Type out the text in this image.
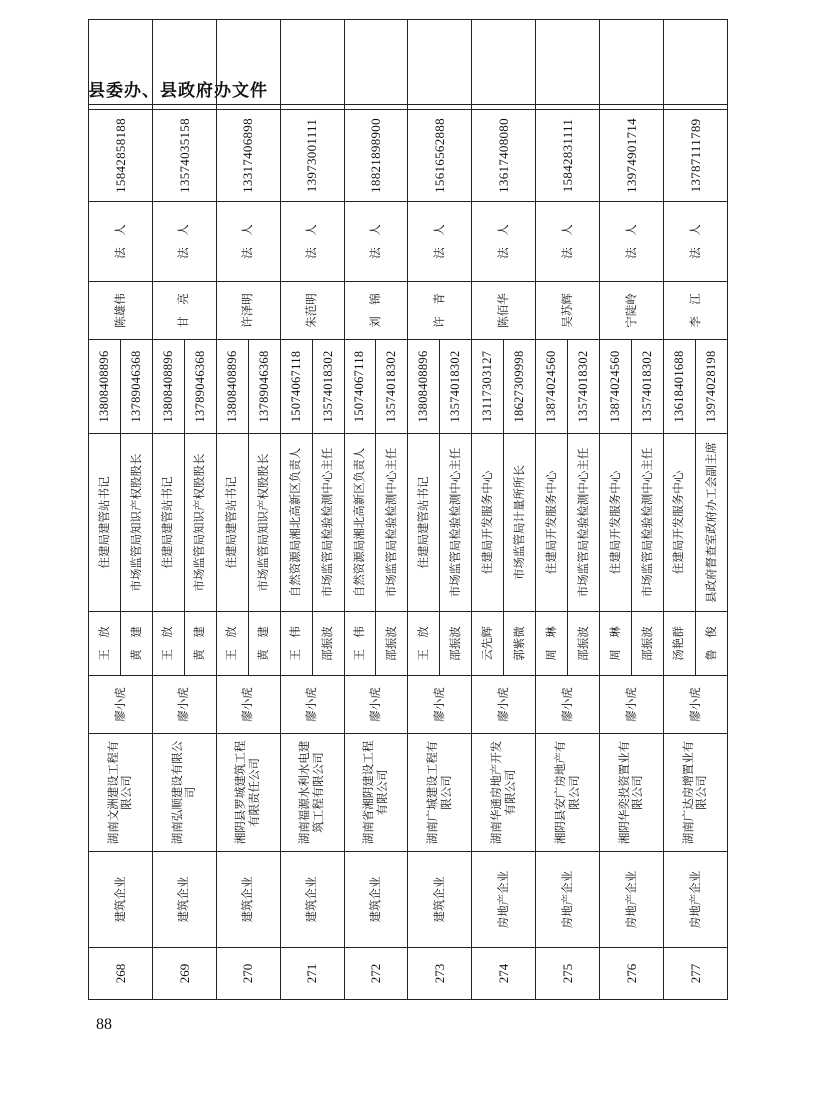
县委办、县政府办文件
268	建筑企业	湖南文洲建设工程有限公司	廖小虎	王　放	住建局建管站书记	13808408896	陈雄伟	法　人	15842858188	
				黄　建	市场监管局知识产权股股长	13789046368				
269	建筑企业	湖南弘顺建设有限公司	廖小虎	王　放	住建局建管站书记	13808408896	甘　亮	法　人	13574035158	
				黄　建	市场监管局知识产权股股长	13789046368				
270	建筑企业	湘阴县罗城建筑工程有限责任公司	廖小虎	王　放	住建局建管站书记	13808408896	许泽明	法　人	13317406898	
				黄　建	市场监管局知识产权股股长	13789046368				
271	建筑企业	湖南福源水利水电建筑工程有限公司	廖小虎	王　伟	自然资源局湘北高新区负责人	15074067118	朱范明	法　人	13973001111	
				邵振波	市场监管局检验检测中心主任	13574018302				
272	建筑企业	湖南省湘阴建设工程有限公司	廖小虎	王　伟	自然资源局湘北高新区负责人	15074067118	刘　锦	法　人	18821898900	
				邵振波	市场监管局检验检测中心主任	13574018302				
273	建筑企业	湖南广城建设工程有限公司	廖小虎	王　放	住建局建管站书记	13808408896	许　青	法　人	15616562888	
				邵振波	市场监管局检验检测中心主任	13574018302				
274	房地产企业	湖南华通房地产开发有限公司	廖小虎	云先辉	住建局开发服务中心	13117303127	陈佰华	法　人	13617408080	
				郭紫微	市场监管局计量所所长	18627309998				
275	房地产企业	湘阴县安广房地产有限公司	廖小虎	周　琳	住建局开发服务中心	13874024560	吴苏辉	法　人	15842831111	
				邵振波	市场监管局检验检测中心主任	13574018302				
276	房地产企业	湘阴华奕投资置业有限公司	廖小虎	周　琳	住建局开发服务中心	13874024560	宁陡岭	法　人	13974901714	
				邵振波	市场监管局检验检测中心主任	13574018302				
277	房地产企业	湖南广达房增置业有限公司	廖小虎	汤艳群	住建局开发服务中心	13618401688	李　江	法　人	13787111789	
				鲁　俊	县政府督查室政府办工会副主席	13974028198				
88
